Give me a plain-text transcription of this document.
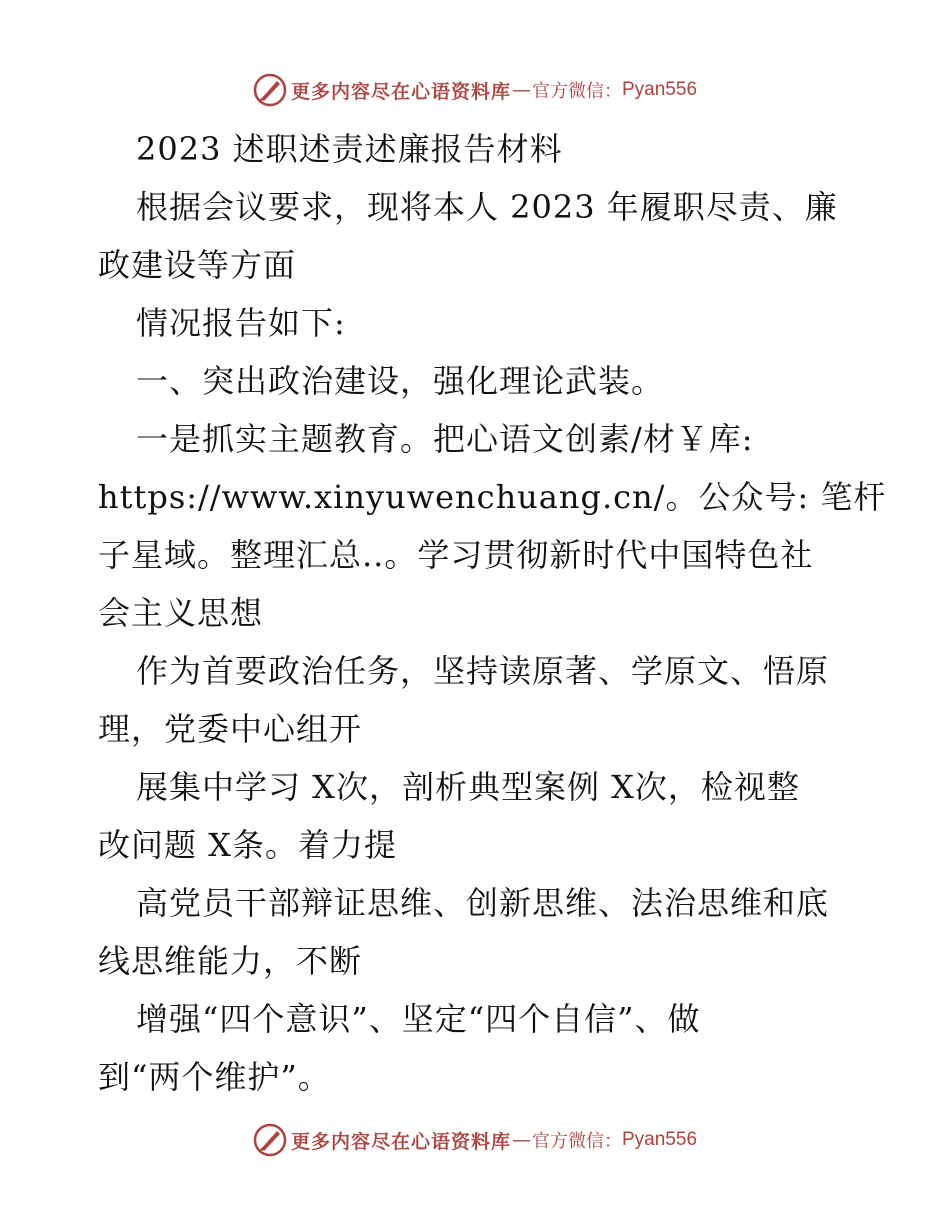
更多内容尽在心语资料库 — 官方微信： Pyan556
2023 述职述责述廉报告材料
根据会议要求，现将本人 2023 年履职尽责、廉
政建设等方面
情况报告如下:
一、突出政治建设，强化理论武装。
一是抓实主题教育。把心语文创素/材￥库:
https://www.xinyuwenchuang.cn/。公众号: 笔杆
子星域。整理汇总..。学习贯彻新时代中国特色社
会主义思想
作为首要政治任务，坚持读原著、学原文、悟原
理，党委中心组开
展集中学习 X次，剖析典型案例 X次，检视整
改问题 X条。着力提
高党员干部辩证思维、创新思维、法治思维和底
线思维能力，不断
增强“四个意识”、坚定“四个自信”、做
到“两个维护”。
更多内容尽在心语资料库 — 官方微信： Pyan556
